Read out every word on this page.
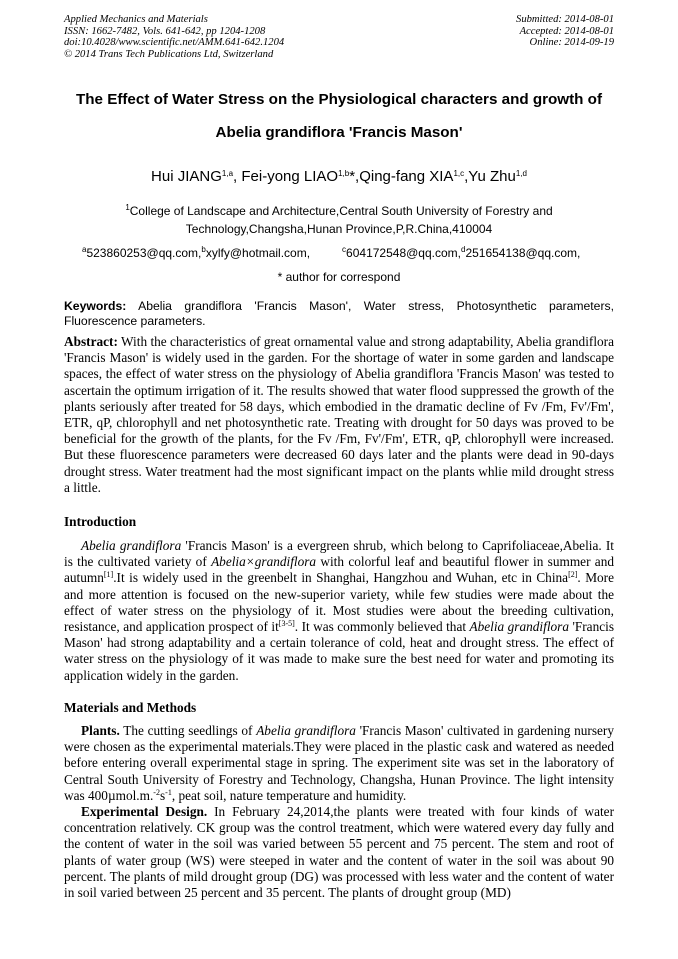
Applied Mechanics and Materials
ISSN: 1662-7482, Vols. 641-642, pp 1204-1208
doi:10.4028/www.scientific.net/AMM.641-642.1204
© 2014 Trans Tech Publications Ltd, Switzerland
Submitted: 2014-08-01
Accepted: 2014-08-01
Online: 2014-09-19
The Effect of Water Stress on the Physiological characters and growth of
Abelia grandiflora 'Francis Mason'
Hui JIANG$^{1,a}$, Fei-yong LIAO$^{1,b}$*,Qing-fang XIA$^{1,c}$,Yu Zhu$^{1,d}$
$^1$College of Landscape and Architecture,Central South University of Forestry and
Technology,Changsha,Hunan Province,P,R.China,410004
$^a$523860253@qq.com,$^b$xylfy@hotmail.com,	$^c$604172548@qq.com,$^d$251654138@qq.com,
* author for correspond
Keywords: Abelia grandiflora 'Francis Mason', Water stress, Photosynthetic parameters, Fluorescence parameters.
Abstract: With the characteristics of great ornamental value and strong adaptability, Abelia grandiflora 'Francis Mason' is widely used in the garden. For the shortage of water in some garden and landscape spaces, the effect of water stress on the physiology of Abelia grandiflora 'Francis Mason' was tested to ascertain the optimum irrigation of it. The results showed that water flood suppressed the growth of the plants seriously after treated for 58 days, which embodied in the dramatic decline of Fv /Fm, Fv'/Fm', ETR, qP, chlorophyll and net photosynthetic rate. Treating with drought for 50 days was proved to be beneficial for the growth of the plants, for the Fv /Fm, Fv'/Fm', ETR, qP, chlorophyll were increased. But these fluorescence parameters were decreased 60 days later and the plants were dead in 90-days drought stress. Water treatment had the most significant impact on the plants whlie mild drought stress a little.
Introduction
Abelia grandiflora 'Francis Mason' is a evergreen shrub, which belong to Caprifoliaceae,Abelia. It is the cultivated variety of Abelia×grandiflora with colorful leaf and beautiful flower in summer and autumn[1].It is widely used in the greenbelt in Shanghai, Hangzhou and Wuhan, etc in China[2]. More and more attention is focused on the new-superior variety, while few studies were made about the effect of water stress on the physiology of it. Most studies were about the breeding cultivation, resistance, and application prospect of it[3-5]. It was commonly believed that Abelia grandiflora 'Francis Mason' had strong adaptability and a certain tolerance of cold, heat and drought stress. The effect of water stress on the physiology of it was made to make sure the best need for water and promoting its application widely in the garden.
Materials and Methods
Plants. The cutting seedlings of Abelia grandiflora 'Francis Mason' cultivated in gardening nursery were chosen as the experimental materials.They were placed in the plastic cask and watered as needed before entering overall experimental stage in spring. The experiment site was set in the laboratory of Central South University of Forestry and Technology, Changsha, Hunan Province. The light intensity was $400\mu mol.m.^{-2}s^{-1}$, peat soil, nature temperature and humidity.
Experimental Design. In February 24,2014,the plants were treated with four kinds of water concentration relatively. CK group was the control treatment, which were watered every day fully and the content of water in the soil was varied between 55 percent and 75 percent. The stem and root of plants of water group (WS) were steeped in water and the content of water in the soil was about 90 percent. The plants of mild drought group (DG) was processed with less water and the content of water in soil varied between 25 percent and 35 percent. The plants of drought group (MD)
